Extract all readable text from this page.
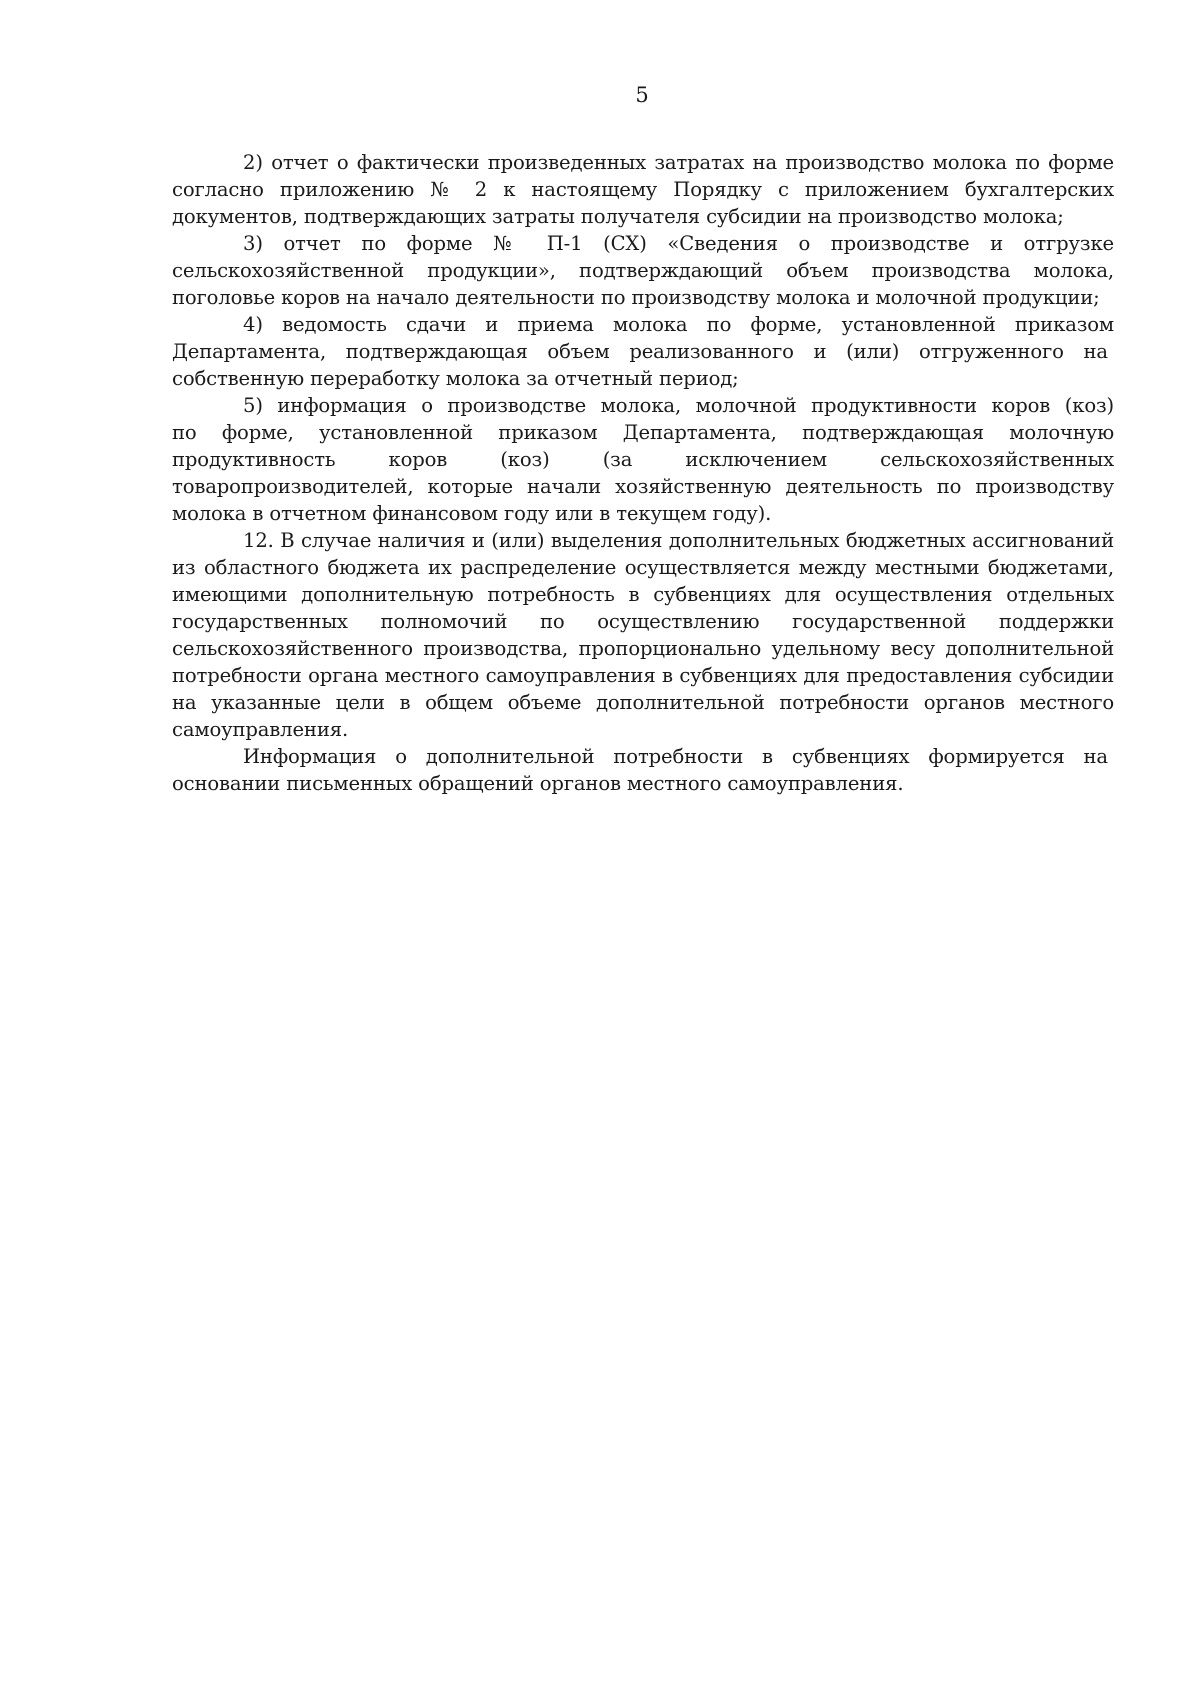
5

2) отчет о фактически произведенных затратах на производство молока по форме согласно приложению № 2 к настоящему Порядку с приложением бухгалтерских документов, подтверждающих затраты получателя субсидии на производство молока;

3) отчет по форме № П-1 (СХ) «Сведения о производстве и отгрузке сельскохозяйственной продукции», подтверждающий объем производства молока, поголовье коров на начало деятельности по производству молока и молочной продукции;

4) ведомость сдачи и приема молока по форме, установленной приказом Департамента, подтверждающая объем реализованного и (или) отгруженного на  собственную переработку молока за отчетный период;

5) информация о производстве молока, молочной продуктивности коров (коз) по форме, установленной приказом Департамента, подтверждающая молочную продуктивность коров (коз) (за исключением сельскохозяйственных товаропроизводителей, которые начали хозяйственную деятельность по производству молока в отчетном финансовом году или в текущем году).

12. В случае наличия и (или) выделения дополнительных бюджетных ассигнований из областного бюджета их распределение осуществляется между местными бюджетами, имеющими дополнительную потребность в субвенциях для осуществления отдельных государственных полномочий по осуществлению государственной поддержки сельскохозяйственного производства, пропорционально удельному весу дополнительной потребности органа местного самоуправления в субвенциях для предоставления субсидии на указанные цели в общем объеме дополнительной потребности органов местного самоуправления.

Информация о дополнительной потребности в субвенциях формируется на  основании письменных обращений органов местного самоуправления.
